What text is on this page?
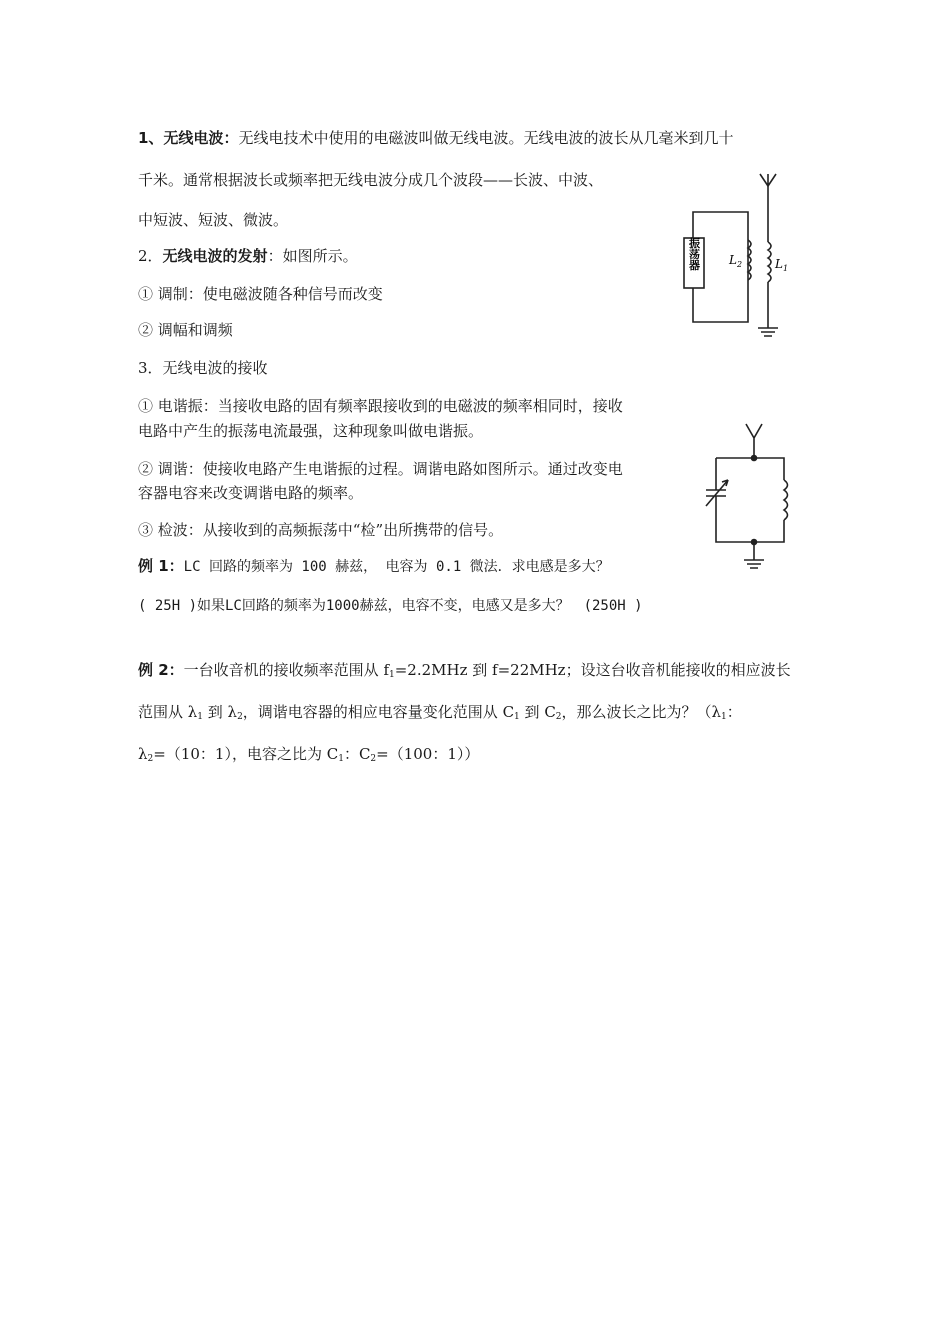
1、无线电波：无线电技术中使用的电磁波叫做无线电波。无线电波的波长从几毫米到几十
千米。通常根据波长或频率把无线电波分成几个波段——长波、中波、
中短波、短波、微波。
2．无线电波的发射：如图所示。
① 调制：使电磁波随各种信号而改变
② 调幅和调频
3．无线电波的接收
① 电谐振：当接收电路的固有频率跟接收到的电磁波的频率相同时，接收
电路中产生的振荡电流最强，这种现象叫做电谐振。
② 调谐：使接收电路产生电谐振的过程。调谐电路如图所示。通过改变电
容器电容来改变调谐电路的频率。
③ 检波：从接收到的高频振荡中“检”出所携带的信号。
例 1：LC 回路的频率为 100 赫兹， 电容为 0.1 微法．求电感是多大？
( 25H )如果LC回路的频率为1000赫兹，电容不变，电感又是多大？　(250H )
例 2：一台收音机的接收频率范围从 $f_1=2.2MHz$ 到 f=22MHz；设这台收音机能接收的相应波长
范围从 $\lambda_1$ 到 $\lambda_2$，调谐电容器的相应电容量变化范围从 $C_1$ 到 $C_2$，那么波长之比为？（$\lambda_1$：
$\lambda_2=(10$：1），电容之比为 $C_1$：$C_2=(100$：1））
振荡器 $L_2$	$L_1$
